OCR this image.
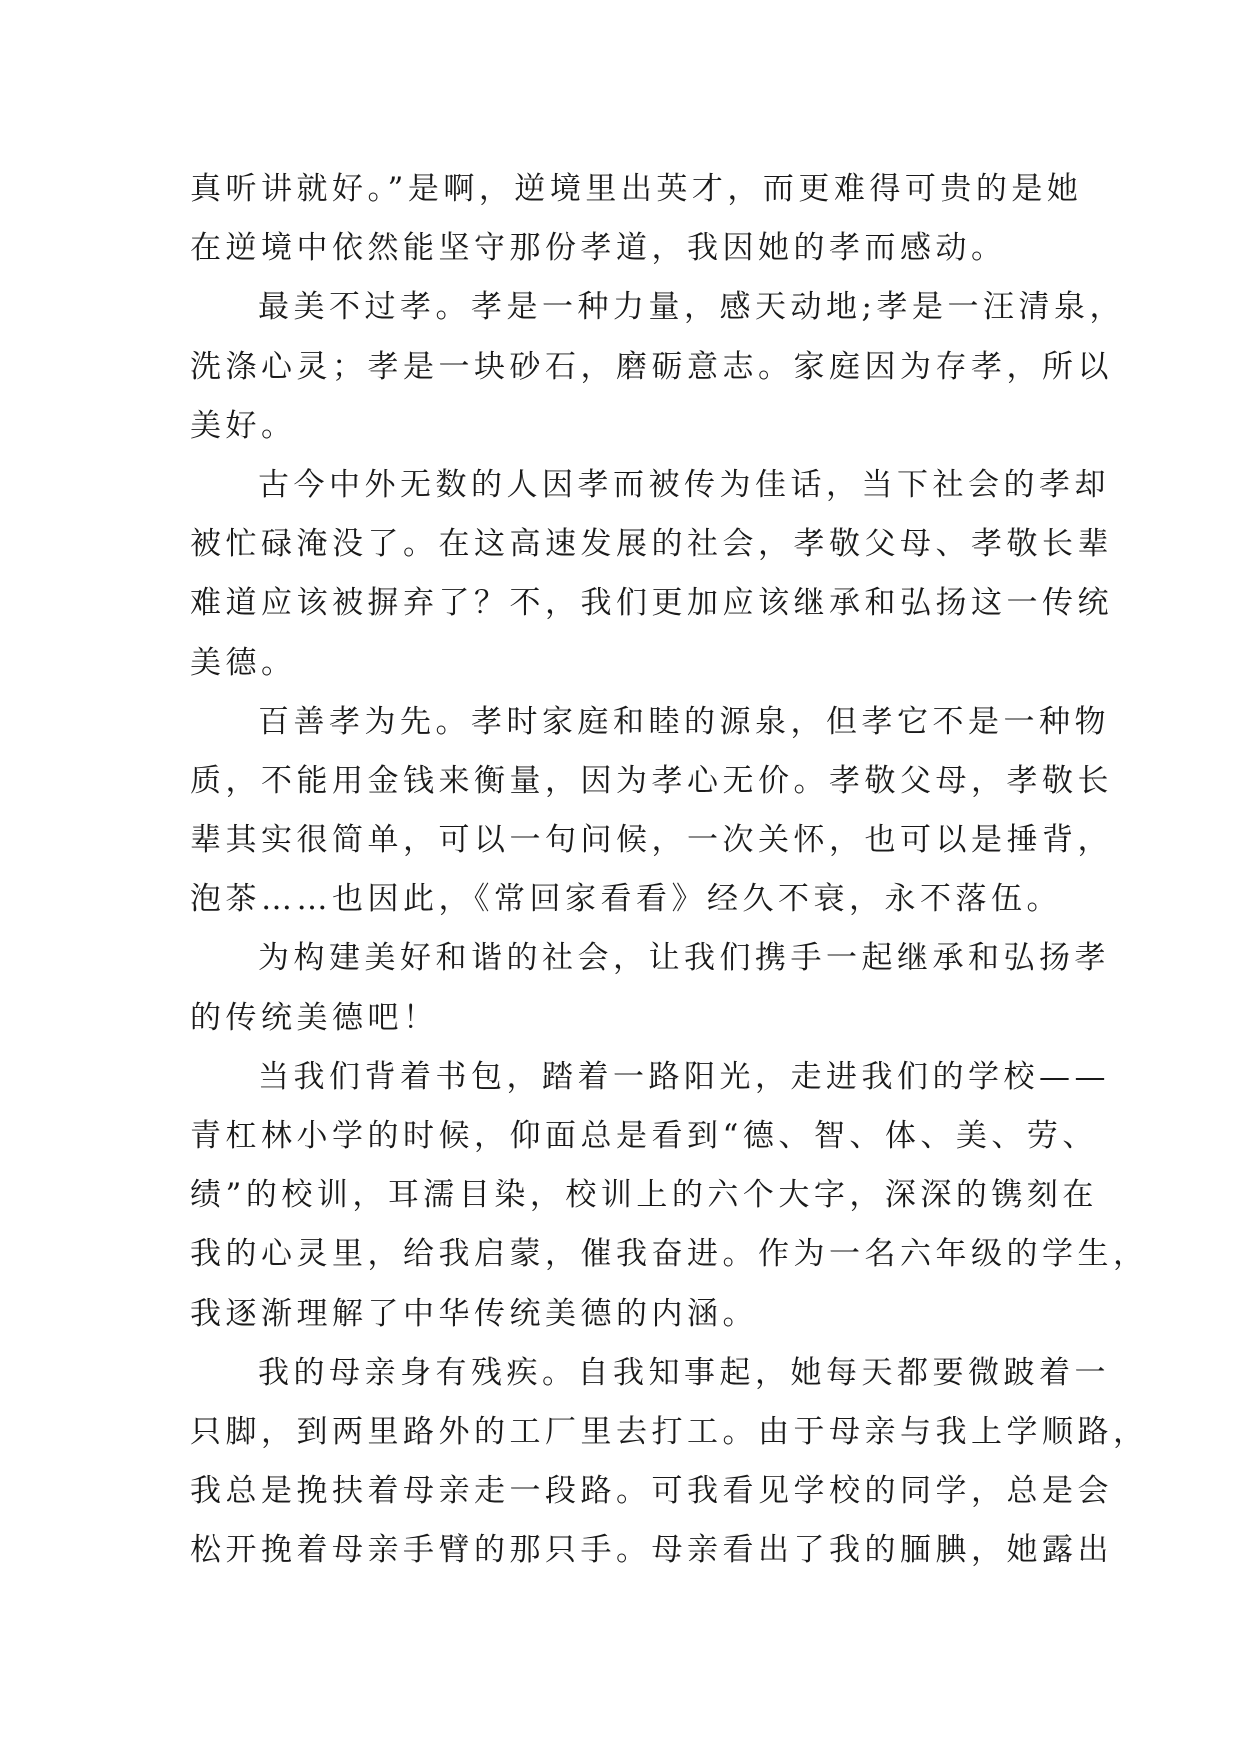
真听讲就好。”是啊，逆境里出英才，而更难得可贵的是她
在逆境中依然能坚守那份孝道，我因她的孝而感动。
最美不过孝。孝是一种力量，感天动地;孝是一汪清泉，
洗涤心灵；孝是一块砂石，磨砺意志。家庭因为存孝，所以
美好。
古今中外无数的人因孝而被传为佳话，当下社会的孝却
被忙碌淹没了。在这高速发展的社会，孝敬父母、孝敬长辈
难道应该被摒弃了？不，我们更加应该继承和弘扬这一传统
美德。
百善孝为先。孝时家庭和睦的源泉，但孝它不是一种物
质，不能用金钱来衡量，因为孝心无价。孝敬父母，孝敬长
辈其实很简单，可以一句问候，一次关怀，也可以是捶背，
泡茶……也因此，《常回家看看》经久不衰，永不落伍。
为构建美好和谐的社会，让我们携手一起继承和弘扬孝
的传统美德吧！
当我们背着书包，踏着一路阳光，走进我们的学校——
青杠林小学的时候，仰面总是看到“德、智、体、美、劳、
绩”的校训，耳濡目染，校训上的六个大字，深深的镌刻在
我的心灵里，给我启蒙，催我奋进。作为一名六年级的学生，
我逐渐理解了中华传统美德的内涵。
我的母亲身有残疾。自我知事起，她每天都要微跛着一
只脚，到两里路外的工厂里去打工。由于母亲与我上学顺路，
我总是挽扶着母亲走一段路。可我看见学校的同学，总是会
松开挽着母亲手臂的那只手。母亲看出了我的腼腆，她露出
